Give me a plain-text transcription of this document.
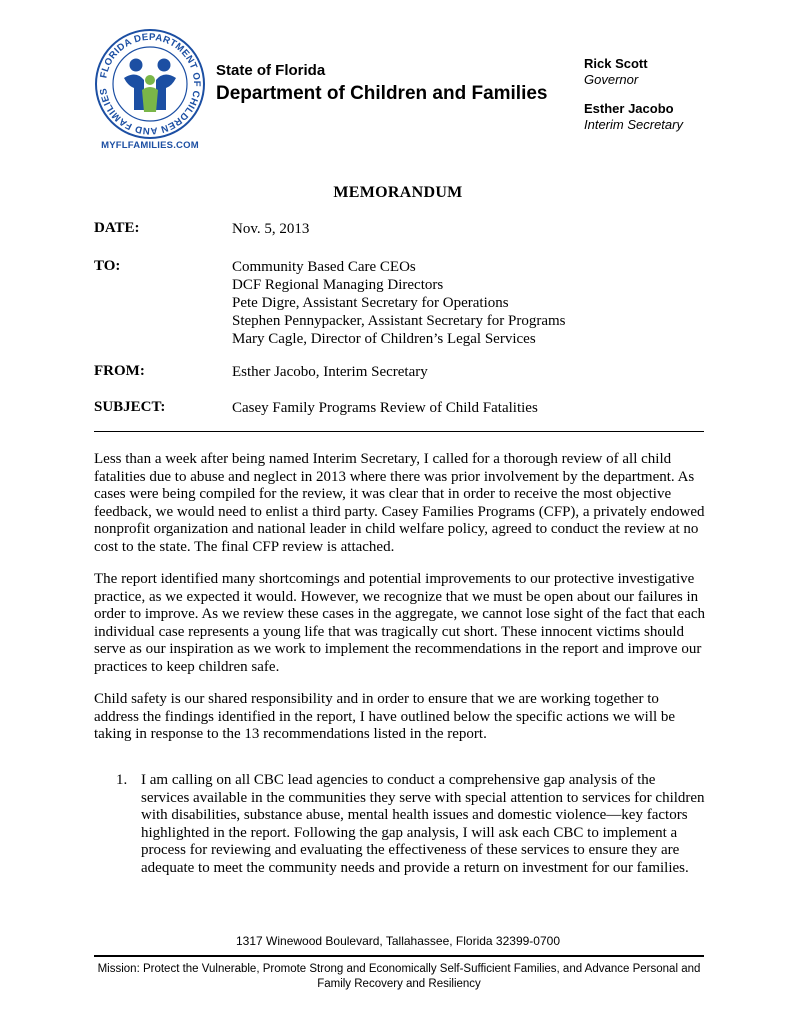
FLORIDA DEPARTMENT OF CHILDREN AND FAMILIES
MYFLFAMILIES.COM
State of Florida
Department of Children and Families
Rick Scott
Governor
Esther Jacobo
Interim Secretary
MEMORANDUM
DATE:	Nov. 5, 2013
TO:	Community Based Care CEOs
DCF Regional Managing Directors
Pete Digre, Assistant Secretary for Operations
Stephen Pennypacker, Assistant Secretary for Programs
Mary Cagle, Director of Children’s Legal Services
FROM:	Esther Jacobo, Interim Secretary
SUBJECT:	Casey Family Programs Review of Child Fatalities

Less than a week after being named Interim Secretary, I called for a thorough review of all child fatalities due to abuse and neglect in 2013 where there was prior involvement by the department. As cases were being compiled for the review, it was clear that in order to receive the most objective feedback, we would need to enlist a third party. Casey Families Programs (CFP), a privately endowed nonprofit organization and national leader in child welfare policy, agreed to conduct the review at no cost to the state. The final CFP review is attached.

The report identified many shortcomings and potential improvements to our protective investigative practice, as we expected it would. However, we recognize that we must be open about our failures in order to improve. As we review these cases in the aggregate, we cannot lose sight of the fact that each individual case represents a young life that was tragically cut short. These innocent victims should serve as our inspiration as we work to implement the recommendations in the report and improve our practices to keep children safe.

Child safety is our shared responsibility and in order to ensure that we are working together to address the findings identified in the report, I have outlined below the specific actions we will be taking in response to the 13 recommendations listed in the report.

1. I am calling on all CBC lead agencies to conduct a comprehensive gap analysis of the services available in the communities they serve with special attention to services for children with disabilities, substance abuse, mental health issues and domestic violence—key factors highlighted in the report. Following the gap analysis, I will ask each CBC to implement a process for reviewing and evaluating the effectiveness of these services to ensure they are adequate to meet the community needs and provide a return on investment for our families.
1317 Winewood Boulevard, Tallahassee, Florida 32399-0700
Mission: Protect the Vulnerable, Promote Strong and Economically Self-Sufficient Families, and Advance Personal and Family Recovery and Resiliency
